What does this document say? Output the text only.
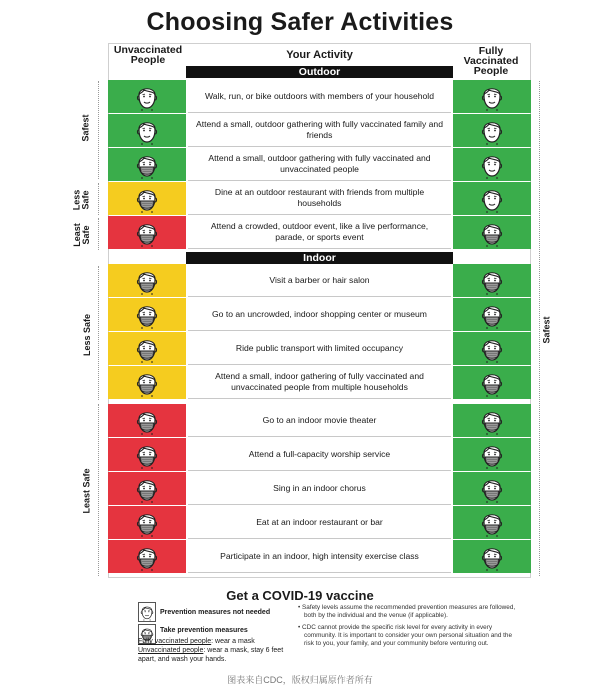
Choosing Safer Activities
Unvaccinated People	Your Activity	Fully Vaccinated People
Outdoor
Indoor
Walk, run, or bike outdoors with members of your household
Attend a small, outdoor gathering with fully vaccinated family and friends
Attend a small, outdoor gathering with fully vaccinated and unvaccinated people
Dine at an outdoor restaurant with friends from multiple households
Attend a crowded, outdoor event, like a live performance, parade, or sports event
Visit a barber or hair salon
Go to an uncrowded, indoor shopping center or museum
Ride public transport with limited occupancy
Attend a small, indoor gathering of fully vaccinated and unvaccinated people from multiple households
Go to an indoor movie theater
Attend a full-capacity worship service
Sing in an indoor chorus
Eat at an indoor restaurant or bar
Participate in an indoor, high intensity exercise class
Safest
Less
Safe
Least
Safe
Less Safe
Least Safe
Safest
Get a COVID-19 vaccine
Prevention measures not needed
Take prevention measures
Fully vaccinated people: wear a mask
Unvaccinated people: wear a mask, stay 6 feet apart, and wash your hands.

• Safety levels assume the recommended prevention measures are followed, both by the individual and the venue (if applicable).

• CDC cannot provide the specific risk level for every activity in every community. It is important to consider your own personal situation and the risk to you, your family, and your community before venturing out.

图表来自CDC，版权归属原作者所有
